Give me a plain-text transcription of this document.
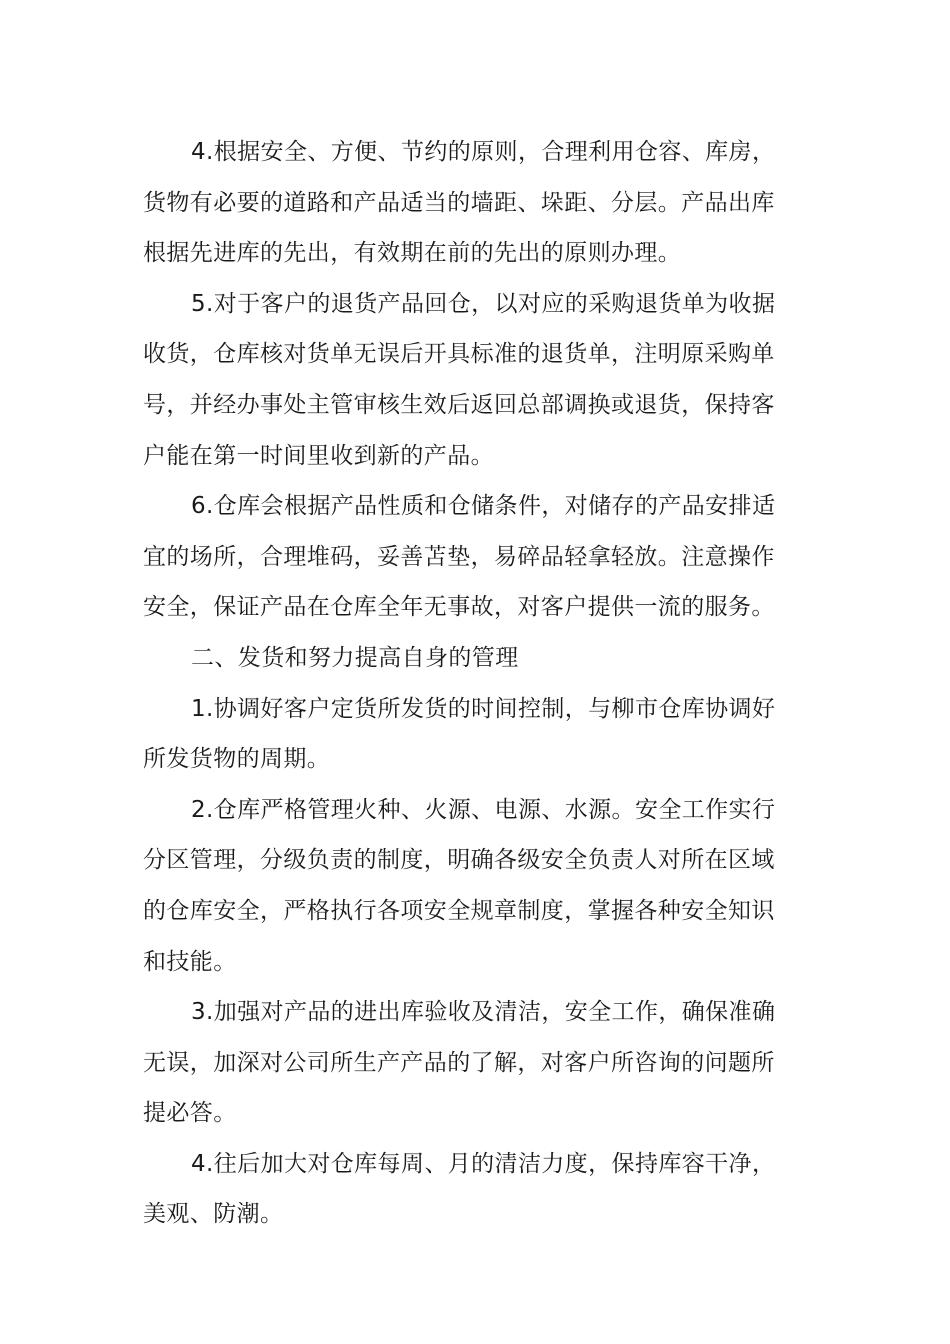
4.根据安全、方便、节约的原则，合理利用仓容、库房，
货物有必要的道路和产品适当的墙距、垛距、分层。产品出库
根据先进库的先出，有效期在前的先出的原则办理。
5.对于客户的退货产品回仓，以对应的采购退货单为收据
收货，仓库核对货单无误后开具标准的退货单，注明原采购单
号，并经办事处主管审核生效后返回总部调换或退货，保持客
户能在第一时间里收到新的产品。
6.仓库会根据产品性质和仓储条件，对储存的产品安排适
宜的场所，合理堆码，妥善苫垫，易碎品轻拿轻放。注意操作
安全，保证产品在仓库全年无事故，对客户提供一流的服务。
二、发货和努力提高自身的管理
1.协调好客户定货所发货的时间控制，与柳市仓库协调好
所发货物的周期。
2.仓库严格管理火种、火源、电源、水源。安全工作实行
分区管理，分级负责的制度，明确各级安全负责人对所在区域
的仓库安全，严格执行各项安全规章制度，掌握各种安全知识
和技能。
3.加强对产品的进出库验收及清洁，安全工作，确保准确
无误，加深对公司所生产产品的了解，对客户所咨询的问题所
提必答。
4.往后加大对仓库每周、月的清洁力度，保持库容干净，
美观、防潮。
